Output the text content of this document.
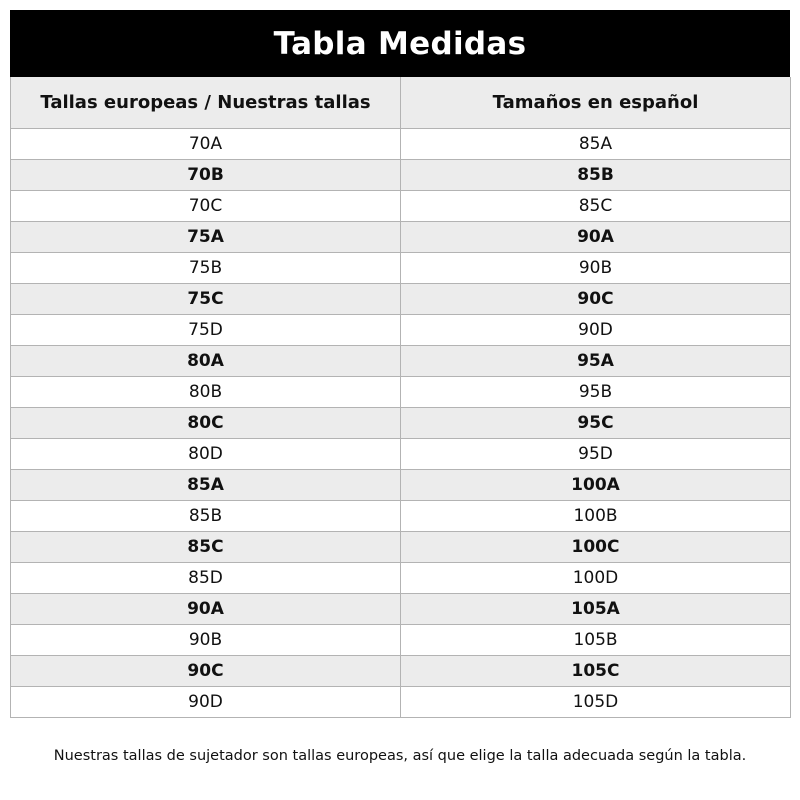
Tabla Medidas
Tallas europeas / Nuestras tallas	Tamaños en español
70A	85A
70B	85B
70C	85C
75A	90A
75B	90B
75C	90C
75D	90D
80A	95A
80B	95B
80C	95C
80D	95D
85A	100A
85B	100B
85C	100C
85D	100D
90A	105A
90B	105B
90C	105C
90D	105D
Nuestras tallas de sujetador son tallas europeas, así que elige la talla adecuada según la tabla.
